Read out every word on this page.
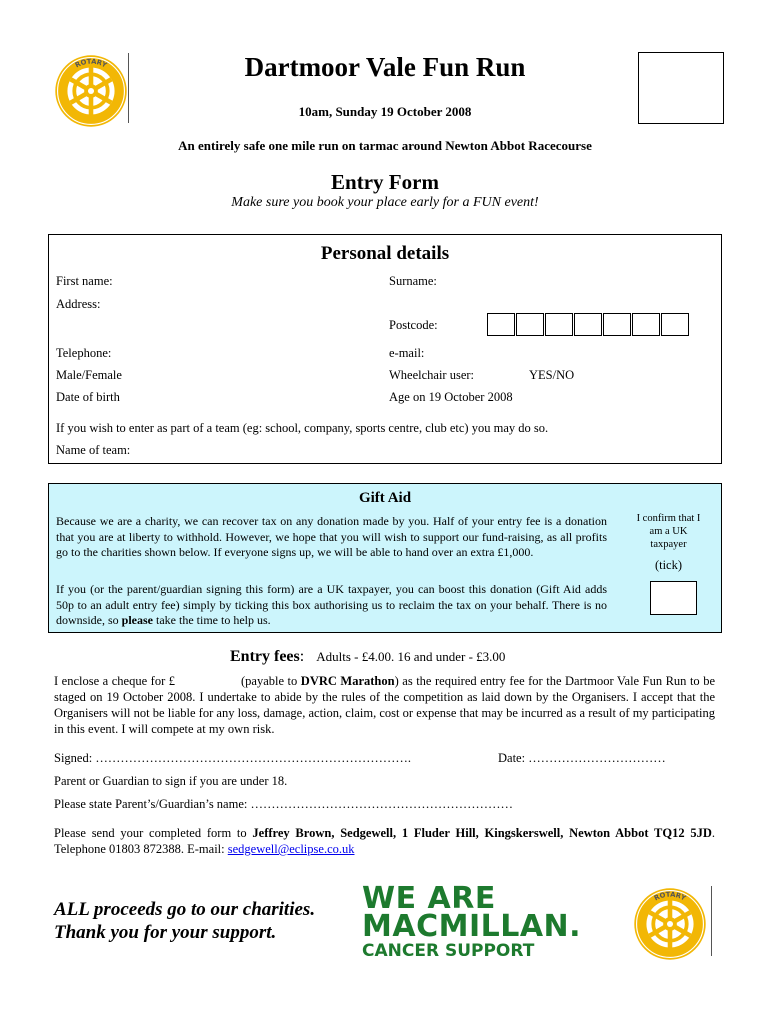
ROTARY	Dartmoor Vale Fun Run
10am, Sunday 19 October 2008
An entirely safe one mile run on tarmac around Newton Abbot Racecourse
Entry Form
Make sure you book your place early for a FUN event!
Personal details
First name:	Surname:
Address:
Postcode:
Telephone:	e-mail:
Male/Female	Wheelchair user:	YES/NO
Date of birth	Age on 19 October 2008
If you wish to enter as part of a team (eg: school, company, sports centre, club etc) you may do so.
Name of team:
Gift Aid

Because we are a charity, we can recover tax on any donation made by you. Half of your entry fee is a donation that you are at liberty to withhold. However, we hope that you will wish to support our fund-raising, as all profits go to the charities shown below. If everyone signs up, we will be able to hand over an extra £1,000.

If you (or the parent/guardian signing this form) are a UK taxpayer, you can boost this donation (Gift Aid adds 50p to an adult entry fee) simply by ticking this box authorising us to reclaim the tax on your behalf. There is no downside, so please take the time to help us.

I confirm that I am a UK taxpayer
(tick)
Entry fees: Adults - £4.00. 16 and under - £3.00
I enclose a cheque for £	(payable to DVRC Marathon) as the required entry fee for the Dartmoor Vale Fun Run to be staged on 19 October 2008. I undertake to abide by the rules of the competition as laid down by the Organisers. I accept that the Organisers will not be liable for any loss, damage, action, claim, cost or expense that may be incurred as a result of my participating in this event. I will compete at my own risk.
Signed: ………………………………………………………………….	Date: ……………………………
Parent or Guardian to sign if you are under 18.
Please state Parent’s/Guardian’s name: ………………………………………………………
Please send your completed form to Jeffrey Brown, Sedgewell, 1 Fluder Hill, Kingskerswell, Newton Abbot TQ12 5JD. Telephone 01803 872388. E-mail: sedgewell@eclipse.co.uk
ALL proceeds go to our charities. Thank you for your support.
WE ARE
MACMILLAN.
CANCER SUPPORT
ROTARY
